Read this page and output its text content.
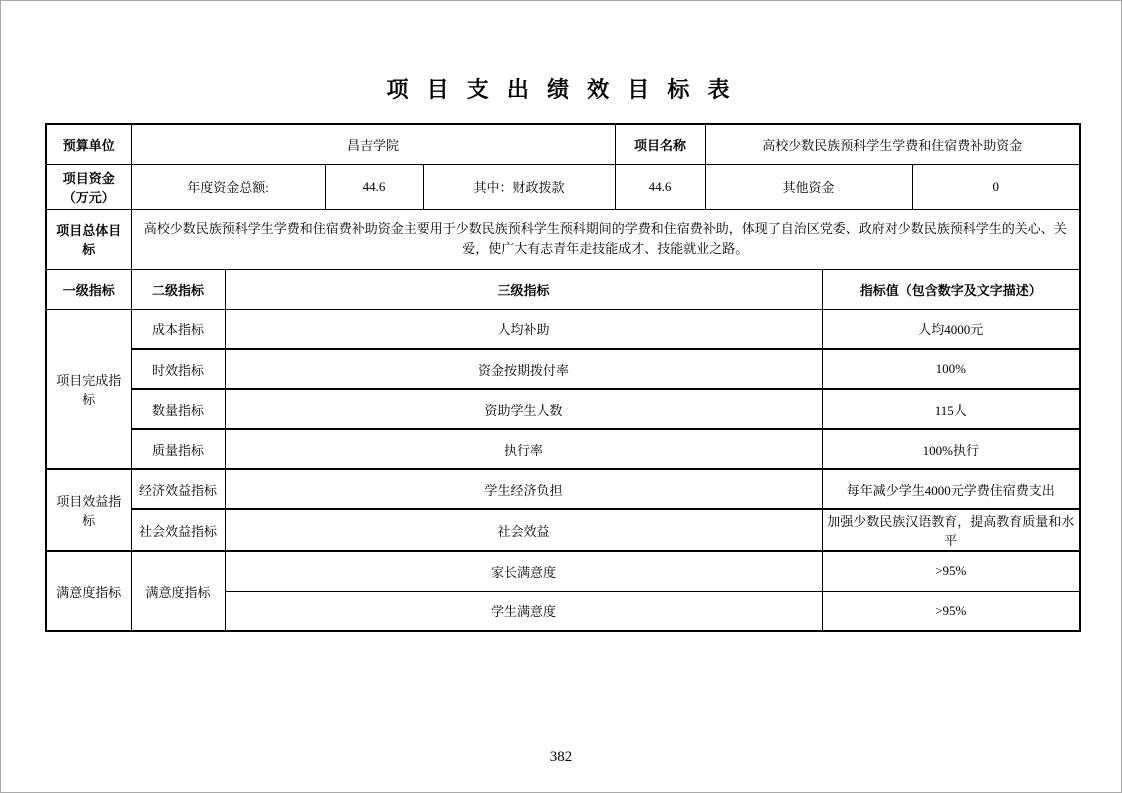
项 目 支 出 绩 效 目 标 表
预算单位	昌吉学院				项目名称	高校少数民族预科学生学费和住宿费补助资金		
项目资金（万元）	年度资金总额:		44.6	其中：财政拨款	44.6	其他资金		0
项目总体目标	高校少数民族预科学生学费和住宿费补助资金主要用于少数民族预科学生预科期间的学费和住宿费补助，体现了自治区党委、政府对少数民族预科学生的关心、关爱，使广大有志青年走技能成才、技能就业之路。							
一级指标	二级指标	三级指标					指标值（包含数字及文字描述）	
项目完成指标	成本指标	人均补助					人均4000元	
	时效指标	资金按期拨付率					100%	
	数量指标	资助学生人数					115人	
	质量指标	执行率					100%执行	
项目效益指标	经济效益指标	学生经济负担					每年减少学生4000元学费住宿费支出	
	社会效益指标	社会效益					加强少数民族汉语教育，提高教育质量和水平	
满意度指标	满意度指标	家长满意度					>95%	
		学生满意度					>95%	
382
